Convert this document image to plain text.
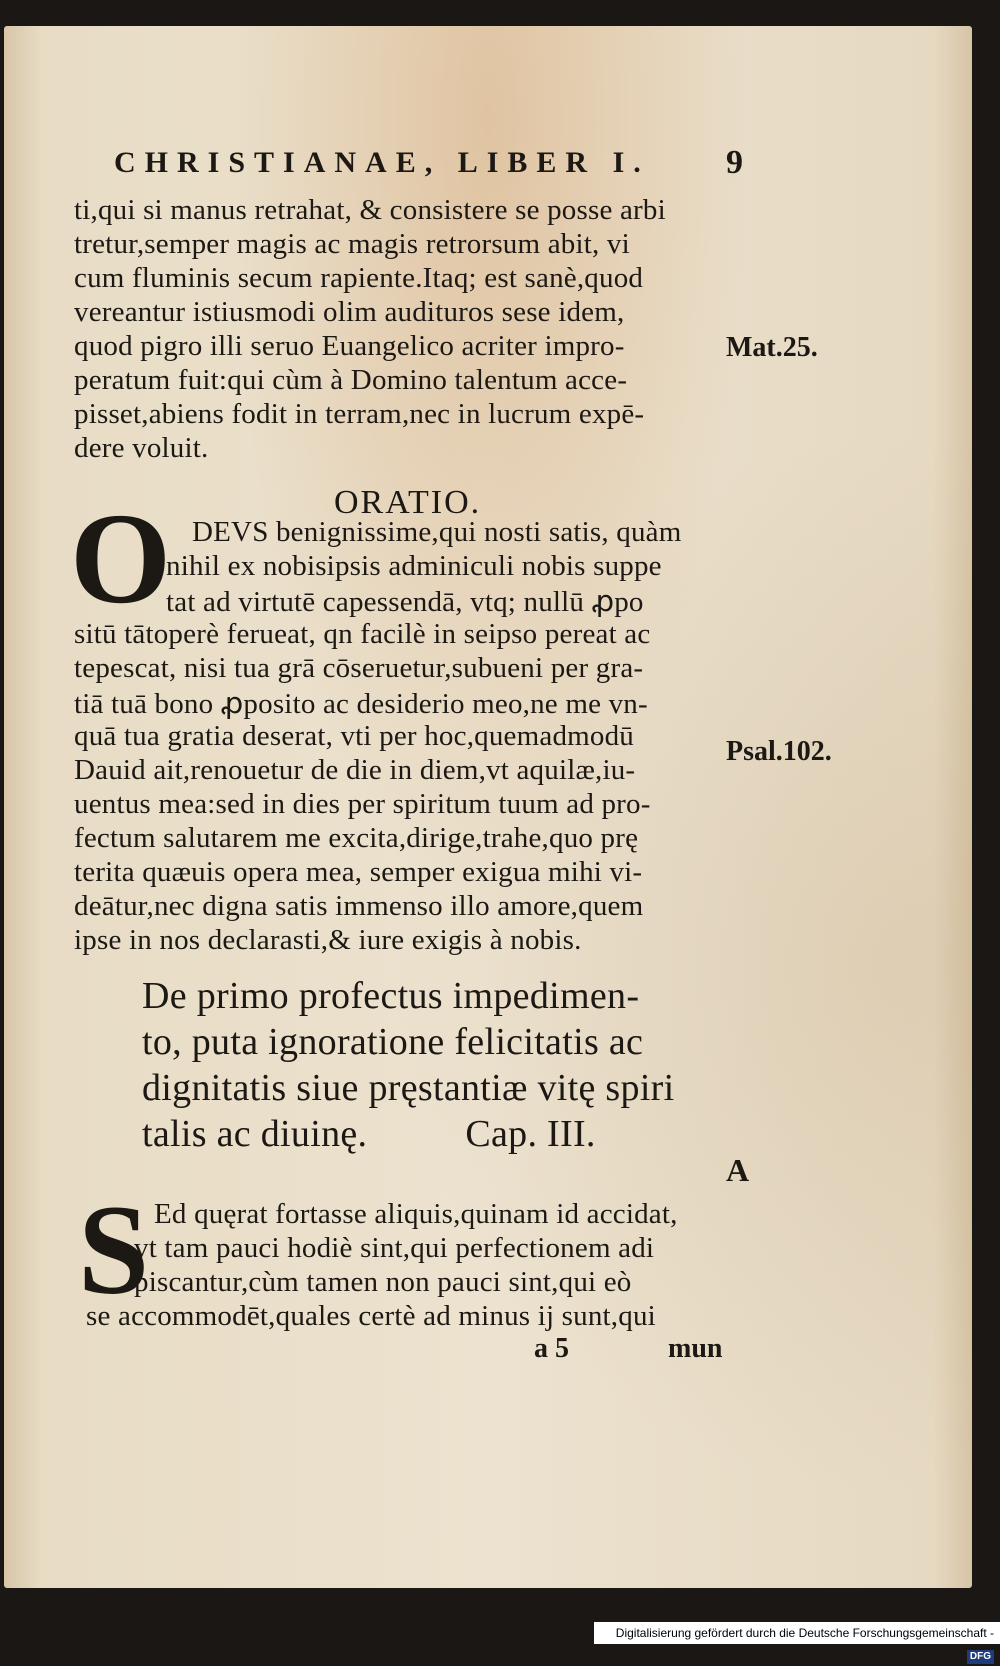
CHRISTIANAE, LIBER I. 9
ti,qui si manus retrahat, & consistere se posse arbi
tretur,semper magis ac magis retrorsum abit, vi
cum fluminis secum rapiente.Itaq; est sanè,quod
vereantur istiusmodi olim audituros sese idem,
quod pigro illi seruo Euangelico acriter impro-
peratum fuit:qui cùm à Domino talentum acce-
pisset,abiens fodit in terram,nec in lucrum expē-
dere voluit.
Mat.25.
ORATIO.
O DEVS benignissime,qui nosti satis, quàm
nihil ex nobisipsis adminiculi nobis suppe
tat ad virtutē capessendā, vtq; nullū ꝓpo
sitū tātoperè ferueat, qn facilè in seipso pereat ac
tepescat, nisi tua grā cōseruetur,subueni per gra-
tiā tuā bono ꝓposito ac desiderio meo,ne me vn-
quā tua gratia deserat, vti per hoc,quemadmodū
Dauid ait,renouetur de die in diem,vt aquilæ,iu-
uentus mea:sed in dies per spiritum tuum ad pro-
fectum salutarem me excita,dirige,trahe,quo prę
terita quæuis opera mea, semper exigua mihi vi-
deātur,nec digna satis immenso illo amore,quem
ipse in nos declarasti,& iure exigis à nobis.
Psal.102.
De primo profectus impedimen-
to, puta ignoratione felicitatis ac
dignitatis siue pręstantiæ vitę spiri
talis ac diuinę.          Cap. III.
A
S Ed quęrat fortasse aliquis,quinam id accidat,
vt tam pauci hodiè sint,qui perfectionem adi
piscantur,cùm tamen non pauci sint,qui eò
se accommodēt,quales certè ad minus ij sunt,qui
a 5	mun
Digitalisierung gefördert durch die Deutsche Forschungsgemeinschaft -DFG
